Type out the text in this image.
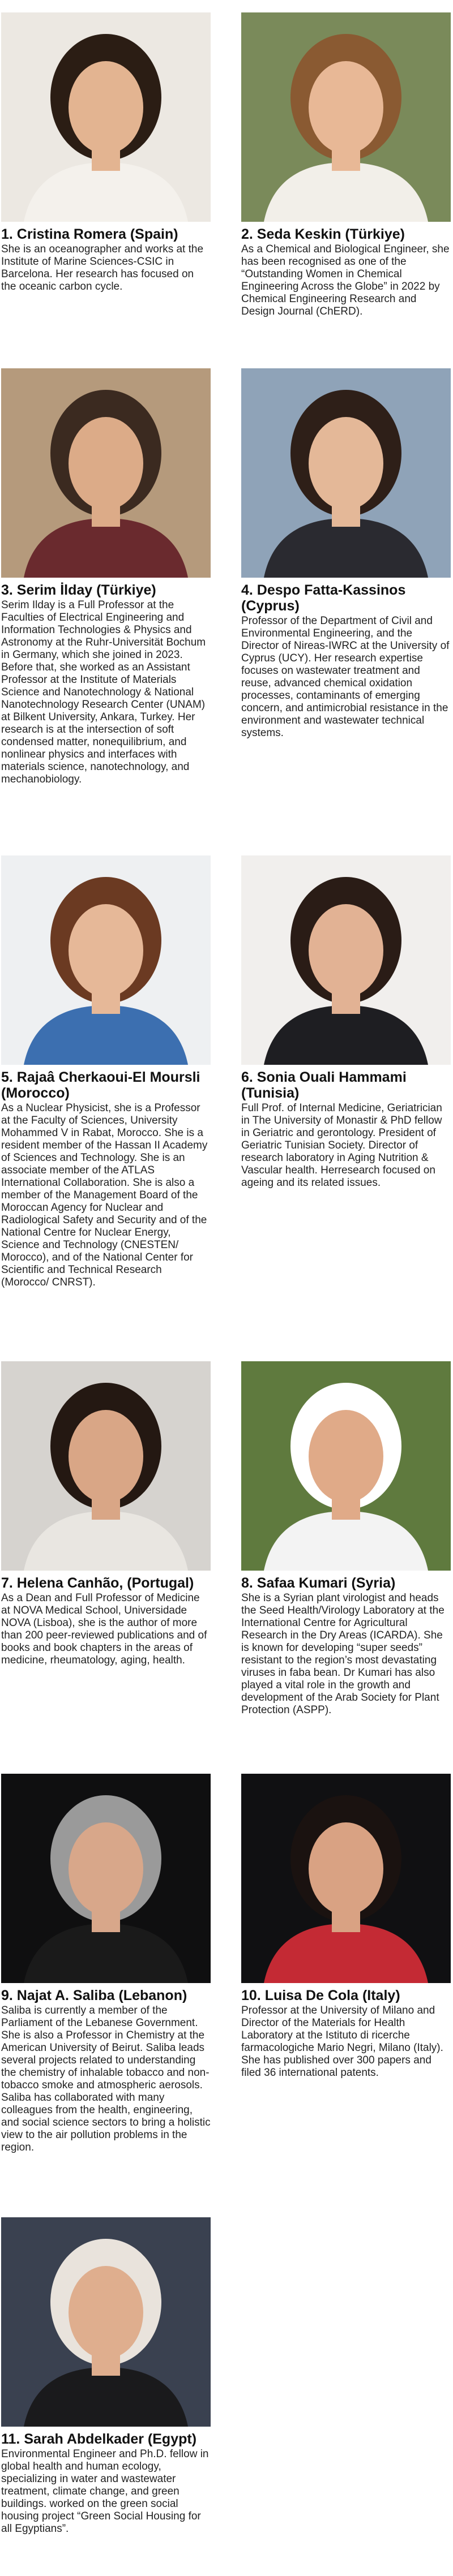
1. Cristina Romera (Spain)
She is an oceanographer and works at the Institute of Marine Sciences-CSIC in Barcelona. Her research has focused on the oceanic carbon cycle.
2. Seda Keskin (Türkiye)
As a Chemical and Biological Engineer, she has been recognised as one of the “Outstanding Women in Chemical Engineering Across the Globe” in 2022 by Chemical Engineering Research and Design Journal (ChERD).
3. Serim İlday (Türkiye)
Serim Ilday is a Full Professor at the Faculties of Electrical Engineering and Information Technologies & Physics and Astronomy at the Ruhr-Universität Bochum in Germany, which she joined in 2023. Before that, she worked as an Assistant Professor at the Institute of Materials Science and Nanotechnology & National Nanotechnology Research Center (UNAM) at Bilkent University, Ankara, Turkey. Her research is at the intersection of soft condensed matter, nonequilibrium, and nonlinear physics and interfaces with materials science, nanotechnology, and mechanobiology.
4. Despo Fatta-Kassinos (Cyprus)
Professor of the Department of Civil and Environmental Engineering, and the Director of Nireas-IWRC at the University of Cyprus (UCY). Her research expertise focuses on wastewater treatment and reuse, advanced chemical oxidation processes, contaminants of emerging concern, and antimicrobial resistance in the environment and wastewater technical systems.
5. Rajaâ Cherkaoui-El Moursli (Morocco)
As a Nuclear Physicist, she is a Professor at the Faculty of Sciences, University Mohammed V in Rabat, Morocco. She is a resident member of the Hassan II Academy of Sciences and Technology. She is an associate member of the ATLAS International Collaboration. She is also a member of the Management Board of the Moroccan Agency for Nuclear and Radiological Safety and Security and of the National Centre for Nuclear Energy, Science and Technology (CNESTEN/ Morocco), and of the National Center for Scientific and Technical Research (Morocco/ CNRST).
6. Sonia Ouali Hammami (Tunisia)
Full Prof. of Internal Medicine, Geriatrician in The University of Monastir & PhD fellow in Geriatric and gerontology. President of Geriatric Tunisian Society. Director of research laboratory in Aging Nutrition & Vascular health. Herresearch focused on ageing and its related issues.
7. Helena Canhão, (Portugal)
As a Dean and Full Professor of Medicine at NOVA Medical School, Universidade NOVA (Lisboa), she is the author of more than 200 peer-reviewed publications and of books and book chapters in the areas of medicine, rheumatology, aging, health.
8. Safaa Kumari (Syria)
She is a Syrian plant virologist and heads the Seed Health/Virology Laboratory at the International Centre for Agricultural Research in the Dry Areas (ICARDA). She is known for developing “super seeds” resistant to the region’s most devastating viruses in faba bean. Dr Kumari has also played a vital role in the growth and development of the Arab Society for Plant Protection (ASPP).
9. Najat A. Saliba (Lebanon)
Saliba is currently a member of the Parliament of the Lebanese Government. She is also a Professor in Chemistry at the American University of Beirut. Saliba leads several projects related to understanding the chemistry of inhalable tobacco and non-tobacco smoke and atmospheric aerosols. Saliba has collaborated with many colleagues from the health, engineering, and social science sectors to bring a holistic view to the air pollution problems in the region.
10. Luisa De Cola (Italy)
Professor at the University of Milano and Director of the Materials for Health Laboratory at the Istituto di ricerche farmacologiche Mario Negri, Milano (Italy). She has published over 300 papers and filed 36 international patents.
11. Sarah Abdelkader (Egypt)
Environmental Engineer and Ph.D. fellow in global health and human ecology, specializing in water and wastewater treatment, climate change, and green buildings. worked on the green social housing project “Green Social Housing for all Egyptians”.
